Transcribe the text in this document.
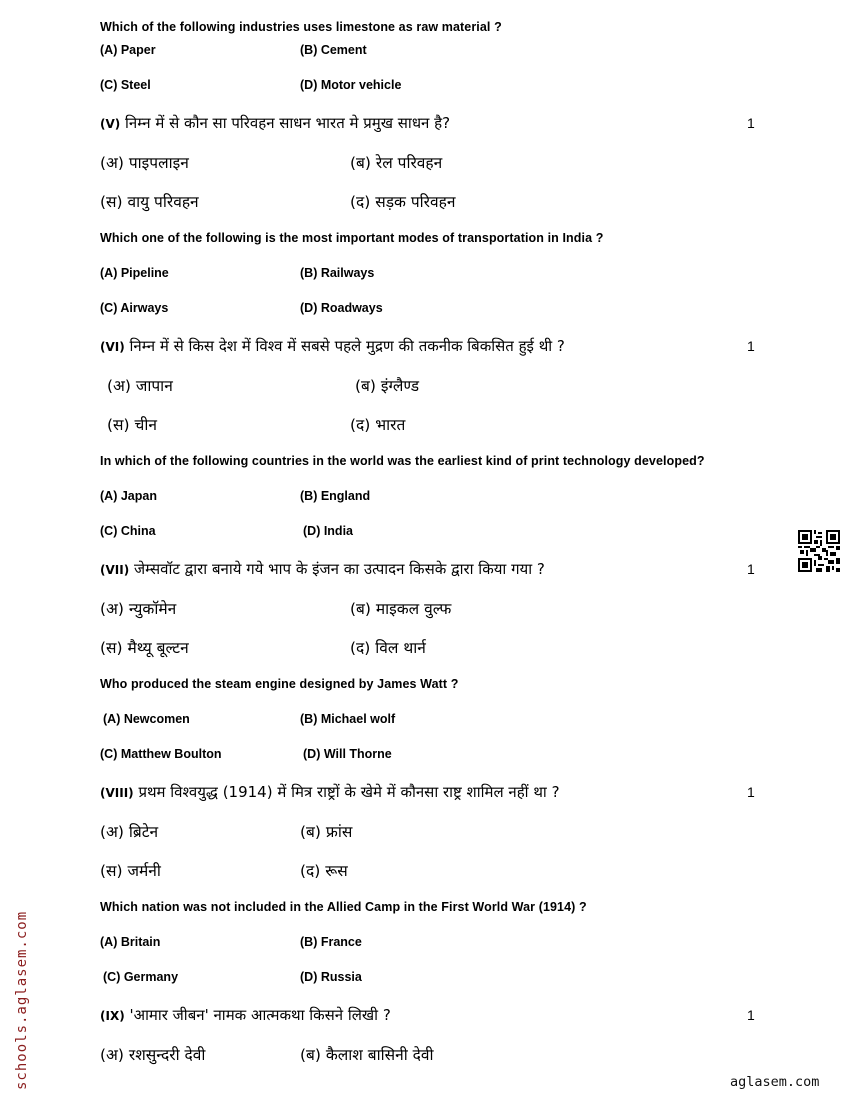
Which of the following industries uses limestone as raw material ?
(A) Paper	(B) Cement
(C) Steel	(D) Motor vehicle
(V) निम्न में से कौन सा परिवहन साधन भारत मे प्रमुख साधन है?	1
(अ) पाइपलाइन	(ब) रेल परिवहन
(स) वायु परिवहन	(द) सड़क परिवहन
Which one of the following is the most important modes of transportation in India ?
(A) Pipeline	(B) Railways
(C) Airways	(D) Roadways
(VI) निम्न में से किस देश में विश्व में सबसे पहले मुद्रण की तकनीक बिकसित हुई थी ?	1
(अ) जापान	(ब) इंग्लैण्ड
(स) चीन	(द) भारत
In which of the following countries in the world was the earliest kind of print technology developed?
(A) Japan	(B) England
(C) China	(D) India
(VII) जेम्सवॉट द्वारा बनाये गये भाप के इंजन का उत्पादन किसके द्वारा किया गया ?	1
(अ) न्युकॉमेन	(ब) माइकल वुल्फ
(स) मैथ्यू बूल्टन	(द) विल थार्न
Who produced the steam engine designed by James Watt ?
(A) Newcomen	(B) Michael wolf
(C) Matthew Boulton	(D) Will Thorne
(VIII) प्रथम विश्वयुद्ध (1914) में मित्र राष्ट्रों के खेमे में कौनसा राष्ट्र शामिल नहीं था ?	1
(अ) ब्रिटेन	(ब) फ्रांस
(स) जर्मनी	(द) रूस
Which nation was not included in the Allied Camp in the First World War (1914) ?
(A) Britain	(B) France
(C) Germany	(D) Russia
(IX) 'आमार जीबन' नामक आत्मकथा किसने लिखी ?	1
(अ) रशसुन्दरी देवी	(ब) कैलाश बासिनी देवी
schools.aglasem.com	aglasem.com
